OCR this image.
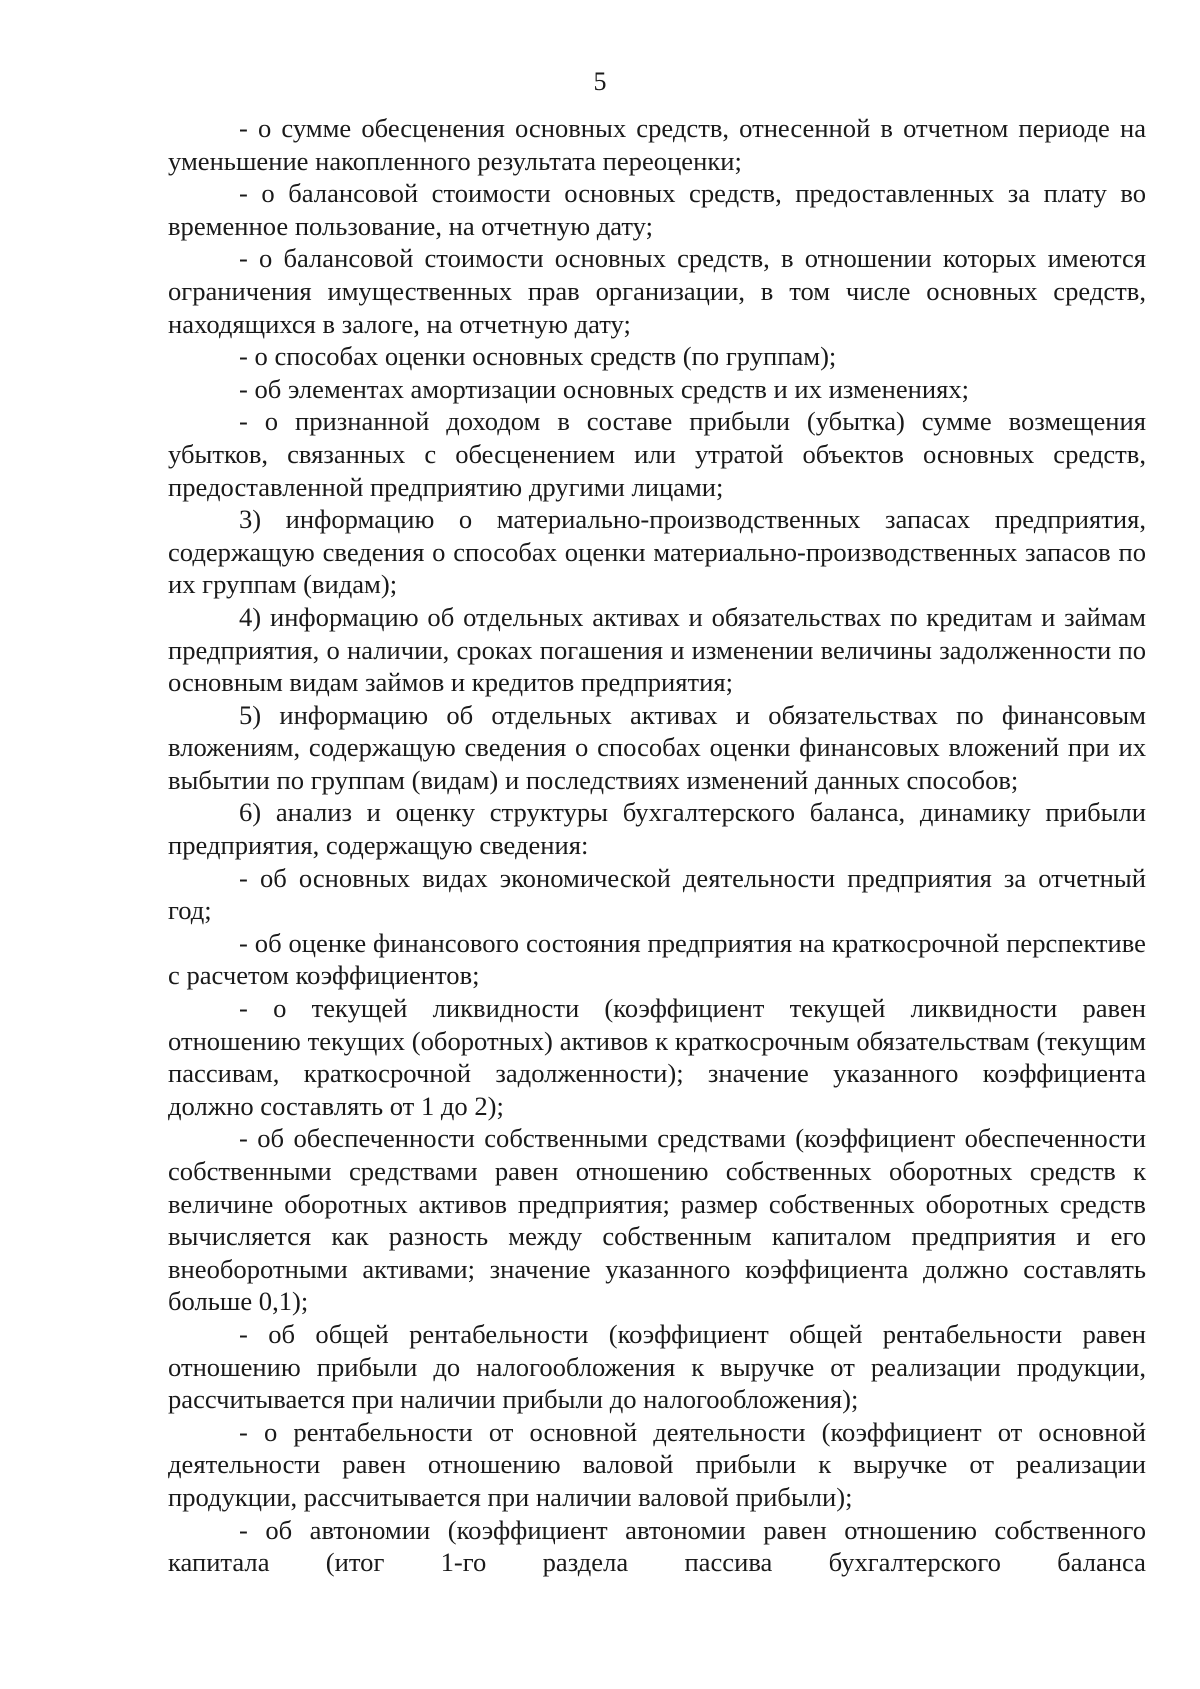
5

- о сумме обесценения основных средств, отнесенной в отчетном периоде на уменьшение накопленного результата переоценки;

- о балансовой стоимости основных средств, предоставленных за плату во временное пользование, на отчетную дату;

- о балансовой стоимости основных средств, в отношении которых имеются ограничения имущественных прав организации, в том числе основных средств, находящихся в залоге, на отчетную дату;

- о способах оценки основных средств (по группам);

- об элементах амортизации основных средств и их изменениях;

- о признанной доходом в составе прибыли (убытка) сумме возмещения убытков, связанных с обесценением или утратой объектов основных средств, предоставленной предприятию другими лицами;

3) информацию о материально-производственных запасах предприятия, содержащую сведения о способах оценки материально-производственных запасов по их группам (видам);

4) информацию об отдельных активах и обязательствах по кредитам и займам предприятия, о наличии, сроках погашения и изменении величины задолженности по основным видам займов и кредитов предприятия;

5) информацию об отдельных активах и обязательствах по финансовым вложениям, содержащую сведения о способах оценки финансовых вложений при их выбытии по группам (видам) и последствиях изменений данных способов;

6) анализ и оценку структуры бухгалтерского баланса, динамику прибыли предприятия, содержащую сведения:

- об основных видах экономической деятельности предприятия за отчетный год;

- об оценке финансового состояния предприятия на краткосрочной перспективе с расчетом коэффициентов;

- о текущей ликвидности (коэффициент текущей ликвидности равен отношению текущих (оборотных) активов к краткосрочным обязательствам (текущим пассивам, краткосрочной задолженности); значение указанного коэффициента должно составлять от 1 до 2);

- об обеспеченности собственными средствами (коэффициент обеспеченности собственными средствами равен отношению собственных оборотных средств к величине оборотных активов предприятия; размер собственных оборотных средств вычисляется как разность между собственным капиталом предприятия и его внеоборотными активами; значение указанного коэффициента должно составлять больше 0,1);

- об общей рентабельности (коэффициент общей рентабельности равен отношению прибыли до налогообложения к выручке от реализации продукции, рассчитывается при наличии прибыли до налогообложения);

- о рентабельности от основной деятельности (коэффициент от основной деятельности равен отношению валовой прибыли к выручке от реализации продукции, рассчитывается при наличии валовой прибыли);

- об автономии (коэффициент автономии равен отношению собственного капитала (итог 1-го раздела пассива бухгалтерского баланса
